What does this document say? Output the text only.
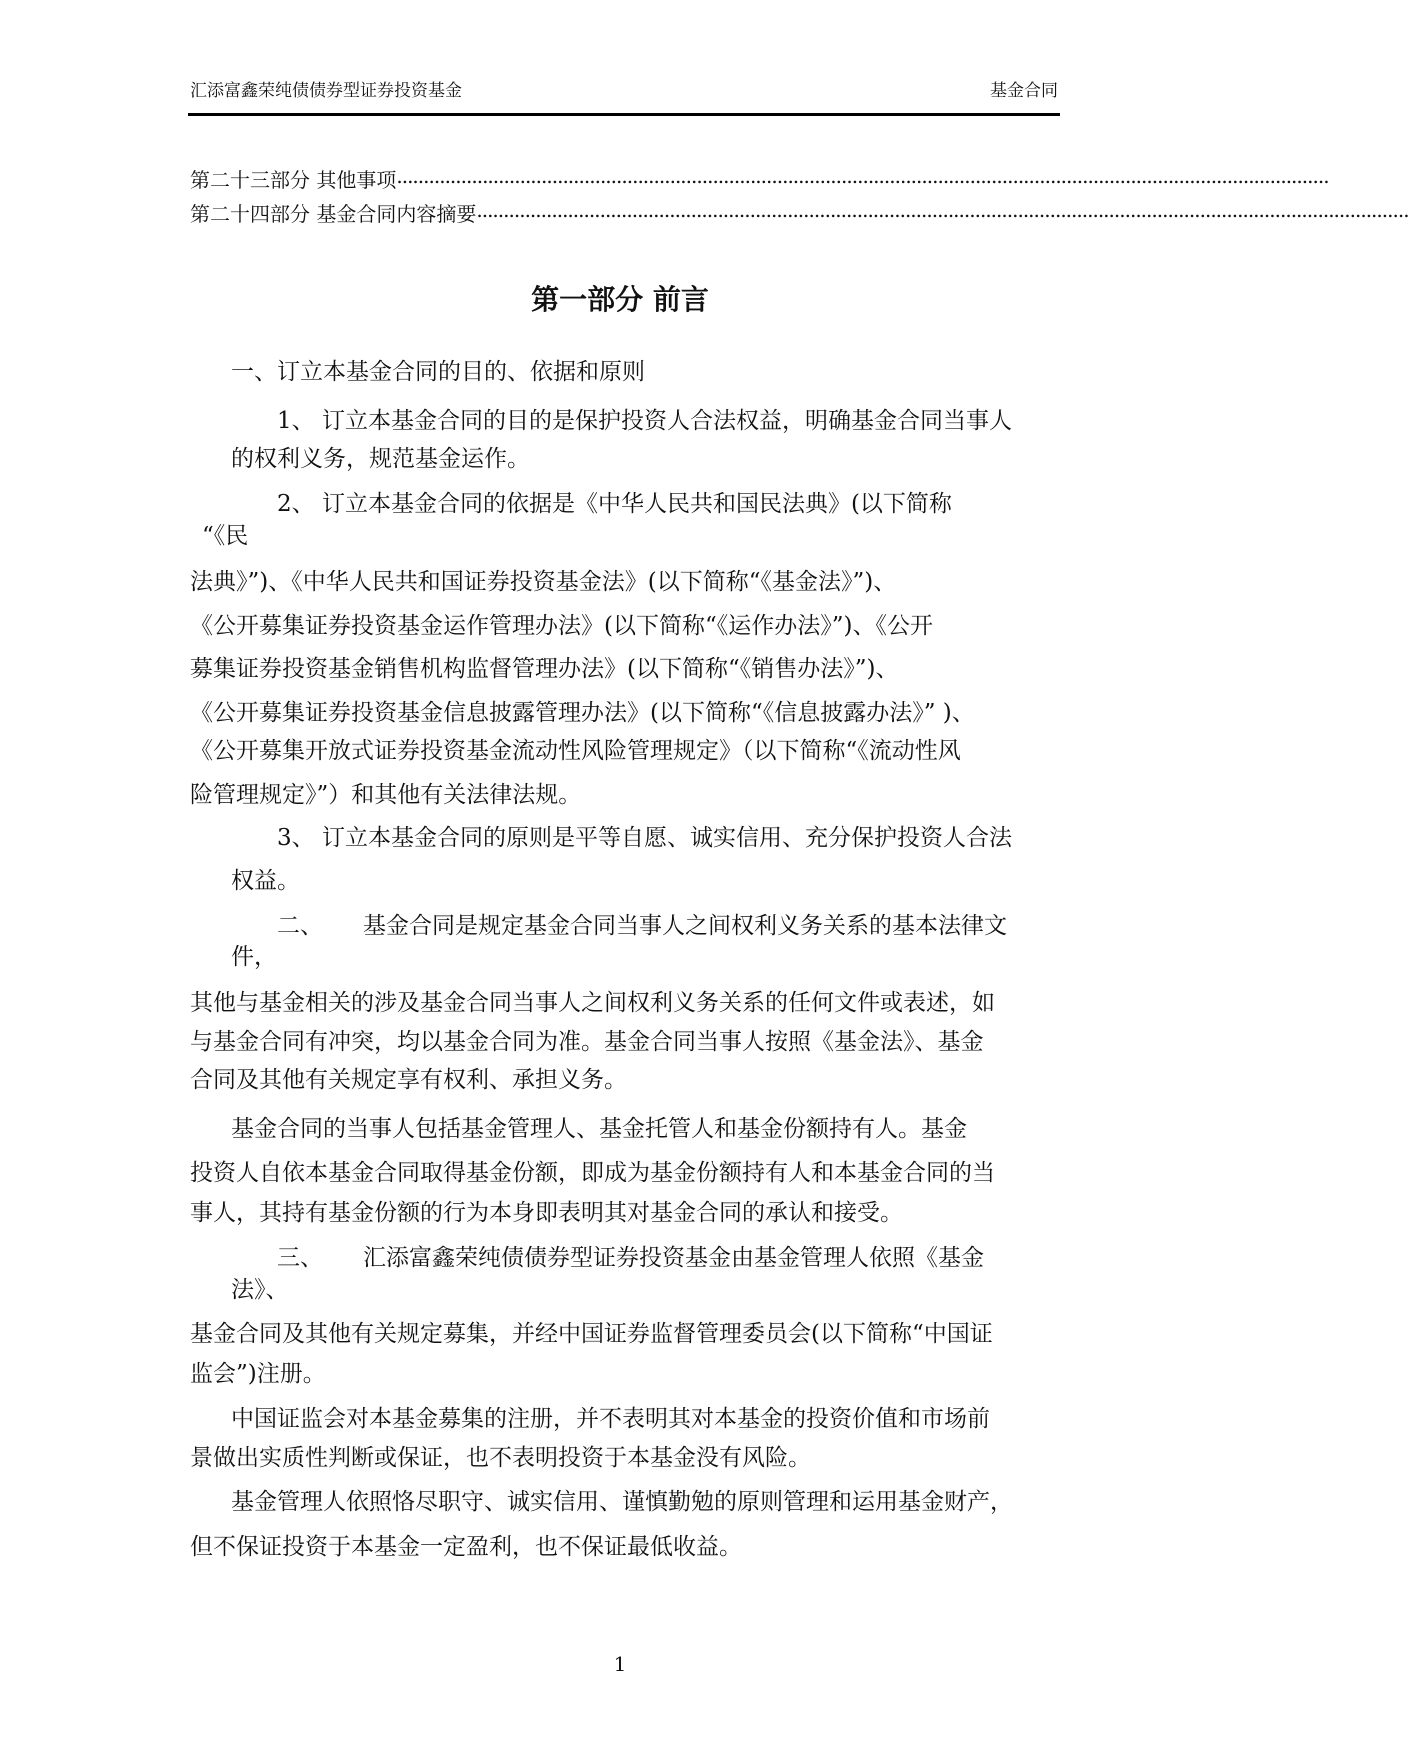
汇添富鑫荣纯债债券型证券投资基金	基金合同
第二十三部分 其他事项 ..............................................................................................................................................................................
第二十四部分 基金合同内容摘要 ..............................................................................................................................................................................
第一部分 前言
一、订立本基金合同的目的、依据和原则
1、 订立本基金合同的目的是保护投资人合法权益，明确基金合同当事人
的权利义务，规范基金运作。
2、 订立本基金合同的依据是《中华人民共和国民法典》(以下简称
“《民
法典》”)、《中华人民共和国证券投资基金法》(以下简称“《基金法》”)、
《公开募集证券投资基金运作管理办法》(以下简称“《运作办法》”)、《公开
募集证券投资基金销售机构监督管理办法》(以下简称“《销售办法》”)、
《公开募集证券投资基金信息披露管理办法》(以下简称“《信息披露办法》” )、
《公开募集开放式证券投资基金流动性风险管理规定》（以下简称“《流动性风
险管理规定》”）和其他有关法律法规。
3、 订立本基金合同的原则是平等自愿、诚实信用、充分保护投资人合法
权益。
二、 基金合同是规定基金合同当事人之间权利义务关系的基本法律文
件，
其他与基金相关的涉及基金合同当事人之间权利义务关系的任何文件或表述，如
与基金合同有冲突，均以基金合同为准。基金合同当事人按照《基金法》、基金
合同及其他有关规定享有权利、承担义务。
基金合同的当事人包括基金管理人、基金托管人和基金份额持有人。基金
投资人自依本基金合同取得基金份额，即成为基金份额持有人和本基金合同的当
事人，其持有基金份额的行为本身即表明其对基金合同的承认和接受。
三、 汇添富鑫荣纯债债券型证券投资基金由基金管理人依照《基金
法》、
基金合同及其他有关规定募集，并经中国证券监督管理委员会(以下简称“中国证
监会”)注册。
中国证监会对本基金募集的注册，并不表明其对本基金的投资价值和市场前
景做出实质性判断或保证，也不表明投资于本基金没有风险。
基金管理人依照恪尽职守、诚实信用、谨慎勤勉的原则管理和运用基金财产，
但不保证投资于本基金一定盈利，也不保证最低收益。
1
